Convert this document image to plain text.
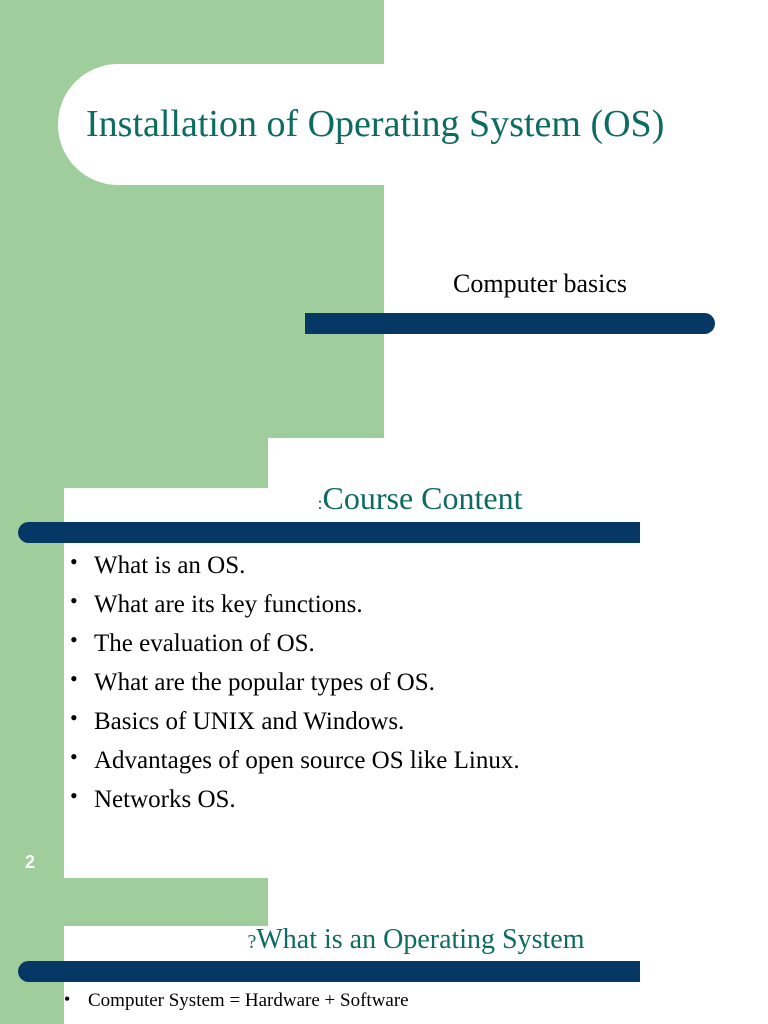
Installation of Operating System (OS)

Computer basics

:Course Content
• What is an OS.
• What are its key functions.
• The evaluation of OS.
• What are the popular types of OS.
• Basics of UNIX and Windows.
• Advantages of open source OS like Linux.
• Networks OS.
2
?What is an Operating System
• Computer System = Hardware + Software
